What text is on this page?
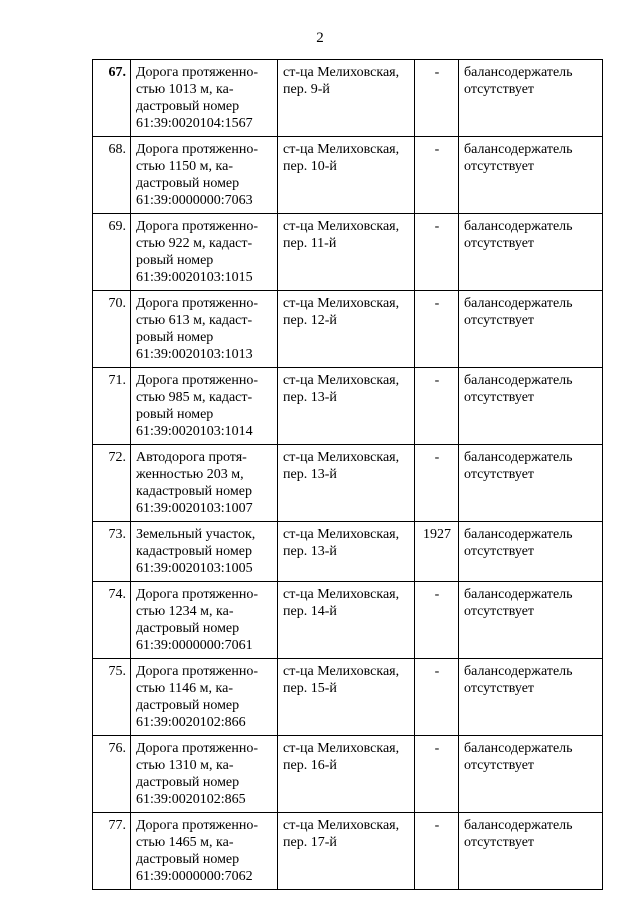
2
67.	Дорога протяженно-
стью 1013 м, ка-
дастровый номер
61:39:0020104:1567	ст-ца Мелиховская,
пер. 9-й	-	балансодержатель
отсутствует

68.	Дорога протяженно-
стью 1150 м, ка-
дастровый номер
61:39:0000000:7063	ст-ца Мелиховская,
пер. 10-й	-	балансодержатель
отсутствует

69.	Дорога протяженно-
стью 922 м, кадаст-
ровый номер
61:39:0020103:1015	ст-ца Мелиховская,
пер. 11-й	-	балансодержатель
отсутствует

70.	Дорога протяженно-
стью 613 м, кадаст-
ровый номер
61:39:0020103:1013	ст-ца Мелиховская,
пер. 12-й	-	балансодержатель
отсутствует

71.	Дорога протяженно-
стью 985 м, кадаст-
ровый номер
61:39:0020103:1014	ст-ца Мелиховская,
пер. 13-й	-	балансодержатель
отсутствует

72.	Автодорога протя-
женностью 203 м,
кадастровый номер
61:39:0020103:1007	ст-ца Мелиховская,
пер. 13-й	-	балансодержатель
отсутствует

73.	Земельный участок,
кадастровый номер
61:39:0020103:1005	ст-ца Мелиховская,
пер. 13-й	1927	балансодержатель
отсутствует

74.	Дорога протяженно-
стью 1234 м, ка-
дастровый номер
61:39:0000000:7061	ст-ца Мелиховская,
пер. 14-й	-	балансодержатель
отсутствует

75.	Дорога протяженно-
стью 1146 м, ка-
дастровый номер
61:39:0020102:866	ст-ца Мелиховская,
пер. 15-й	-	балансодержатель
отсутствует

76.	Дорога протяженно-
стью 1310 м, ка-
дастровый номер
61:39:0020102:865	ст-ца Мелиховская,
пер. 16-й	-	балансодержатель
отсутствует

77.	Дорога протяженно-
стью 1465 м, ка-
дастровый номер
61:39:0000000:7062	ст-ца Мелиховская,
пер. 17-й	-	балансодержатель
отсутствует
